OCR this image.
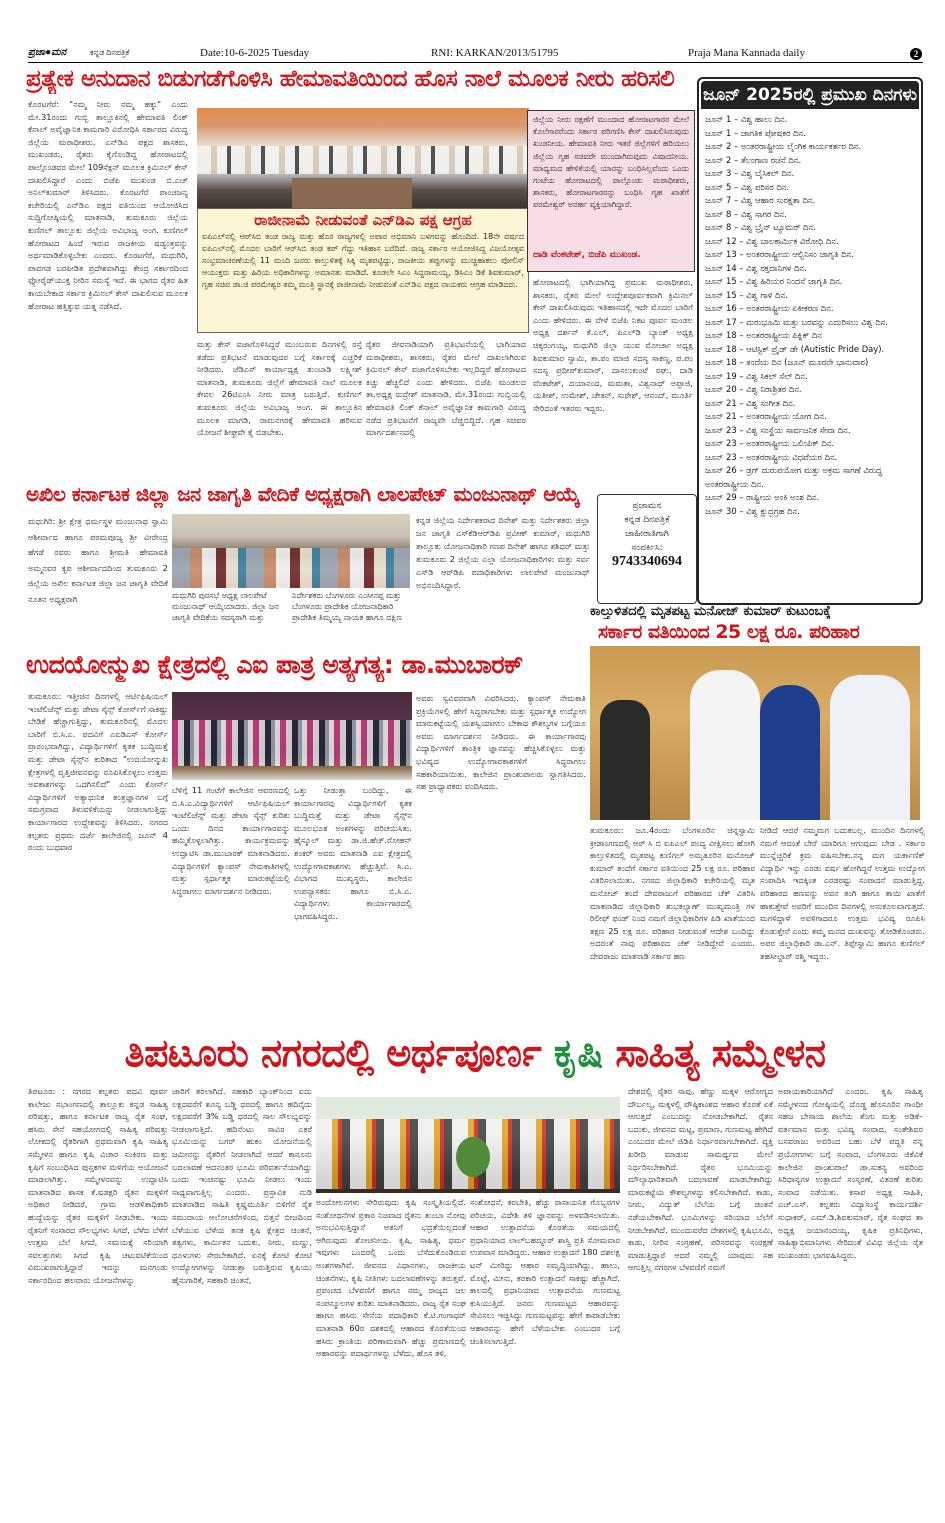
ಪ್ರಜಾ●ಮನ	ಕನ್ನಡ ದಿನಪತ್ರಿಕೆ	Date:10-6-2025 Tuesday	RNI: KARKAN/2013/51795	Praja Mana Kannada daily	2
ಪ್ರತ್ಯೇಕ ಅನುದಾನ ಬಿಡುಗಡೆಗೊಳಿಸಿ ಹೇಮಾವತಿಯಿಂದ ಹೊಸ ನಾಲೆ ಮೂಲಕ ನೀರು ಹರಿಸಲಿ
ಕೊರಟಗೆರೆ: "ನಮ್ಮ ನೀರು ನಮ್ಮ ಹಕ್ಕು" ಎಂದು ಮೇ.31ರಂದು ಗುಬ್ಬಿ ತಾಲ್ಲೂಕಿನಲ್ಲಿ ಹೇಮಾವತಿ ಲಿಂಕ್ ಕೆನಾಲ್ ಅವೈಜ್ಞಾನಿಕ ಕಾಮಗಾರಿ ವಿರೋಧಿಸಿ ಸರ್ಕಾರದ ವಿರುದ್ಧ ಜಿಲ್ಲೆಯ ಮಠಾಧೀಶರು, ಎನ್‌ಡಿಎ ಪಕ್ಷದ ಶಾಸಕರು, ಮುಖಂಡರು, ರೈತರು ಕೈಗೊಂಡಿದ್ದ ಹೋರಾಟದಲ್ಲಿ ಪಾಲ್ಗೊಂಡವರ ಮೇಲೆ 109ಸೆಕ್ಷನ್ ಮೂಲಕ ಕ್ರಿಮಿನಲ್ ಕೇಸ್ ದಾಖಲಿಸಿದ್ದಾರೆ ಎಂದು ಬಿಜೆಪಿ ಮುಖಂಡ ಬಿ.ಎಚ್ ಅನಿಲ್‌ಕುಮಾರ್ ತಿಳಿಸಿದರು. ಕೊರಟಗೆರೆ ಪಾಂಚಜನ್ಯ ಕಚೇರಿಯಲ್ಲಿ ಎನ್‌ಡಿಎ ಪಕ್ಷದ ವತಿಯಿಂದ ಆಯೋಜಿಸಿದ ಸುದ್ದಿಗೋಷ್ಠಿಯಲ್ಲಿ ಮಾತನಾಡಿ, ತುಮಕೂರು ಜಿಲ್ಲೆಯ ಕುಣಿಗಲ್ ತಾಲ್ಲೂಕು ಜಿಲ್ಲೆಯ ಅವಿಭಾಜ್ಯ ಅಂಗ. ಕುಣಿಗಲ್ ಹೋರಾಟದ ಹಿಂದೆ ಇರುವ ರಾಜಕೀಯ ಷಡ್ಯಂತ್ರವನ್ನು ಅರ್ಥಮಾಡಿಕೊಳ್ಳಬೇಕು ಎಂದರು. ಕೊರಟಗೆರೆ, ಮಧುಗಿರಿ, ಪಾವಗಡ ಬರಪೀಡಿತ ಪ್ರದೇಶವಾಗಿದ್ದು ಕೇಂದ್ರ ಸರ್ಕಾರದಿಂದ ಫ್ಲೋರೈಡ್‌ಯುಕ್ತ ನೀರಿನ ಸಮಸ್ಯೆ ಇದೆ. ಈ ಭಾಗದ ರೈತರ ಹಿತ ಕಾಯಬೇಕಾದ ಸರ್ಕಾರ ಕ್ರಿಮಿನಲ್ ಕೇಸ್ ದಾಖಲಿಸುವ ಮೂಲಕ ಹೋರಾಟ ಹತ್ತಿಕ್ಕುವ ಯತ್ನ ನಡೆಸಿದೆ.
ರಾಜೀನಾಮೆ ನೀಡುವಂತೆ ಎನ್‌ಡಿಎ ಪಕ್ಷ ಆಗ್ರಹ
ಐಪಿಎಲ್‌ನಲ್ಲಿ ಆರ್‌ಸಿಬಿ ತಂಡ ರಾಜ್ಯ ಮತ್ತು ಹೊರ ರಾಜ್ಯಗಳಲ್ಲಿ ಅಪಾರ ಅಭಿಮಾನಿ ಬಳಗವನ್ನು ಹೊಂದಿದೆ. 18ನೇ ವರ್ಷದ ಐಪಿಎಲ್‌ನಲ್ಲಿ ಮೊದಲ ಬಾರಿಗೆ ಆರ್‌ಸಿಬಿ ತಂಡ ಕಪ್ ಗೆದ್ದು ಇತಿಹಾಸ ಬರೆದಿದೆ. ರಾಜ್ಯ ಸರ್ಕಾರ ಆಯೋಜಿಸಿದ್ದ ವಿಜಯೋತ್ಸವ ಸಂಭ್ರಮಾಚರಣೆಯಲ್ಲಿ 11 ಮಂದಿ ಜನರು ಕಾಲ್ತುಳಿತಕ್ಕೆ ಸಿಕ್ಕಿ ಮೃತಪಟ್ಟಿದ್ದು, ರಾಜಕೀಯ ತಪ್ಪುಗಳನ್ನು ಮುಚ್ಚಿಹಾಕಲು ಪೋಲಿಸ್ ಆಯುಕ್ತರು ಮತ್ತು ಹಿರಿಯ ಅಧಿಕಾರಿಗಳನ್ನು ಅಮಾನತು ಮಾಡಿದೆ. ಕೂಡಲೇ ಸಿಎಂ ಸಿದ್ದರಾಮಯ್ಯ, ಡಿಸಿಎಂ ಡಿಕೆ ಶಿವಕುಮಾರ್, ಗೃಹ ಸಚಿವ ಡಾ.ಜಿ ಪರಮೇಶ್ವರ ತಮ್ಮ ಮಂತ್ರಿ ಸ್ಥಾನಕ್ಕೆ ರಾಜೀನಾಮೆ ನೀಡುವಂತೆ ಎನ್‌ಡಿಎ ಪಕ್ಷದ ನಾಯಕರು ಆಗ್ರಹ ಮಾಡಿದರು.
ಜಿಲ್ಲೆಯ ನೀರು ರಕ್ಷಣೆಗೆ ಮುಂದಾದ ಹೋರಾಟಗಾರರ ಮೇಲೆ ಕೊಲೆಗಾರರೆಂದು ಸರ್ಕಾರ ಪರಿಗಣಿಸಿ ಕೇಸ್ ದಾಖಲಿಸಿರುವುದು ಖಂಡನೀಯ. ಹೇಮಾವತಿ ನೀರು ಇತರೆ ಜಿಲ್ಲೆಗಳಿಗೆ ಹರಿಯಲು ಜಿಲ್ಲೆಯ ಗೃಹ ಸಚಿವರೇ ಮುಂದಾಗಿರುವುದು ವಿಷಾದನೀಯ. ಮಾಧ್ಯಮದ ಹೇಳಿಕೆಯಲ್ಲಿ ಯಾರನ್ನು ಬಂಧಿಸಿಲ್ಲವೆಂದು ಒಂದು ಗಂಟೆಯ ಹೋರಾಟದಲ್ಲಿ ಪಾಲ್ಗೊಂಡು ಮಠಾಧೀಶರು, ಶಾಸಕರು, ಹೋರಾಟಗಾರರನ್ನು ಬಂಧಿಸಿ ಗೃಹ ಖಾತೆಗೆ ಪರಮೇಶ್ವರ್ ಅನರ್ಹ ವ್ಯಕ್ತಿಯಾಗಿದ್ದಾರೆ.
ದಾಡಿ ವೆಂಕಟೇಶ್, ಬಿಜೆಪಿ ಮುಖಂಡ.
ಮತ್ತು ಕೇಸ್ ವಜಾಗೊಳಿಸಿದ್ದರೆ ಮುಂಬರುವ ದಿನಗಳಲ್ಲಿ ರಸ್ತೆ ತಡೆದು ಪ್ರತಿಭಟನೆ ಮಾಡುವುದರ ಬಗ್ಗೆ ಸರ್ಕಾರಕ್ಕೆ ಎಚ್ಚರಿಕೆ ನೀಡಿದರು. ಜೆಡಿಎಸ್ ಕಾರ್ಯಾಧ್ಯಕ್ಷ ತುಂಬಾಡಿ ಲಕ್ಷ್ಮೀಶ್ ಮಾತನಾಡಿ, ತುಮಕೂರು ಜಿಲ್ಲೆಗೆ ಹೇಮಾವತಿ ನಾಲೆ ಮೂಲಕ ಕೇವಲ 26ಟಿಎಂಸಿ ನೀರು ಮಾತ್ರ ಬರುತ್ತಿದೆ. ಕುಣಿಗಲ್ ತುಮಕೂರು ಜಿಲ್ಲೆಯ ಅವಿಭಾಜ್ಯ ಅಂಗ. ಈ ತಾಲ್ಲೂಕಿನ ಮೂಲಕ ಮಾಗಡಿ, ರಾಮನಗರಕ್ಕೆ ಹೇಮಾವತಿ ಹರಿಸುವ ಯೋಜನೆ ಶೀಘ್ರವೇ ಕೈ ಬಿಡಬೇಕು.
ರೈತರ ಜೀವನಾಡಿಯಾಗಿ ಪ್ರತಿಭಟನೆಯಲ್ಲಿ ಭಾಗಿಯಾದ ಮಠಾಧೀಶರು, ಶಾಸಕರು, ರೈತರ ಮೇಲೆ ದಾಖಲಾಗಿರುವ ಕ್ರಿಮಿನಲ್ ಕೇಸ್ ವಜಾಗೊಳಿಸಬೇಕು ಇಲ್ಲದಿದ್ದರೆ ಹೋರಾಟದ ಕಿಚ್ಚು ಹೆಚ್ಚಲಿದೆ ಎಂದು ಹೇಳಿದರು. ಬಿಜೆಪಿ ಮಂಡಲದ ತಾ.ಅಧ್ಯಕ್ಷ ರುದ್ರೇಶ್ ಮಾತನಾಡಿ, ಮೇ.31ರಂದು ಗುಬ್ಬಿಯಲ್ಲಿ ಹೇಮಾವತಿ ಲಿಂಕ್ ಕೆನಾಲ್ ಅವೈಜ್ಞಾನಿಕ ಕಾಮಗಾರಿ ವಿರುದ್ಧ ನಡೆದ ಪ್ರತಿಭಟನೆಗೆ ರಾಜ್ಯವೇ ಬೆಚ್ಚಿಬಿದ್ದಿದೆ. ಗೃಹ ಸಚಿವರ ಮಾರ್ಗದರ್ಶನದಲ್ಲಿ
ಹೋರಾಟದಲ್ಲಿ ಭಾಗಿಯಾಗಿದ್ದ ಪ್ರಮುಖ ಮಠಾಧೀಶರು, ಶಾಸಕರು, ರೈತರ ಮೇಲೆ ಉದ್ದೇಶಪೂರ್ವಕವಾಗಿ ಕ್ರಿಮಿನಲ್ ಕೇಸ್ ದಾಖಲಿಸಿರುವುದು ಇತಿಹಾಸದಲ್ಲಿ ಇದೇ ಮೊದಲ ಬಾರಿಗೆ ಎಂದು ಹೇಳಿದರು. ಈ ವೇಳೆ ಬಿಜೆಪಿ ನಿಕಟ ಪೂರ್ವ ಮಂಡಲ ಅಧ್ಯಕ್ಷ ದರ್ಶನ್ ಕೆ.ಎಲ್, ಪಿಎಲ್‌ಡಿ ಬ್ಯಾಂಕ್ ಅಧ್ಯಕ್ಷ ಚಿಕ್ಕರಂಗಯ್ಯ, ಮಧುಗಿರಿ ಜಿಲ್ಲಾ ಯುವ ಮೋರ್ಚಾ ಅಧ್ಯಕ್ಷ ಶಿವಕುಮಾರ ಸ್ವಾಮಿ, ತಾ.ಪಂ ಮಾಜಿ ಸದಸ್ಯ ಸಾಕಣ್ಣ, ಪ.ಪಂ ಸದಸ್ಯ ಪ್ರದೀಪ್‌ಕುಮಾರ್, ದಾಸಲುಕುಂಟೆ ರಘು, ದಾಡಿ ವೆಂಕಟೇಶ್, ದಯಾನಂದ, ಮಮತಾ, ವಿಶ್ವನಾಥ್ ಅಪ್ಪಾಜಿ, ಯತೀಶ್, ಉಮೇಶ್, ಚೇತನ್, ಸುರೇಶ್, ಆನಂದ್, ಮೂರ್ತಿ ಸೇರಿದಂತೆ ಇತರರು ಇದ್ದರು.
ಜೂನ್ 2025ರಲ್ಲಿ ಪ್ರಮುಖ ದಿನಗಳು
ಜೂನ್ 1 – ವಿಶ್ವ ಹಾಲು ದಿನ.
ಜೂನ್ 1 – ಜಾಗತಿಕ ಪೋಷಕರ ದಿನ.
ಜೂನ್ 2 – ಅಂತರರಾಷ್ಟ್ರೀಯ ಲೈಂಗಿಕ ಕಾರ್ಯಕರ್ತರ ದಿನ.
ಜೂನ್ 2 – ತೆಲಂಗಾಣ ರಚನೆ ದಿನ.
ಜೂನ್ 3 – ವಿಶ್ವ ಬೈಸಿಕಲ್ ದಿನ.
ಜೂನ್ 5 – ವಿಶ್ವ ಪರಿಸರ ದಿನ.
ಜೂನ್ 7 – ವಿಶ್ವ ಆಹಾರ ಸುರಕ್ಷತಾ ದಿನ.
ಜೂನ್ 8 – ವಿಶ್ವ ಸಾಗರ ದಿನ.
ಜೂನ್ 8 – ವಿಶ್ವ ಬ್ರೈನ್ ಟ್ಯೂಮರ್ ದಿನ.
ಜೂನ್ 12 – ವಿಶ್ವ ಬಾಲಕಾರ್ಮಿಕ ವಿರೋಧಿ ದಿನ.
ಜೂನ್ 13 – ಅಂತರರಾಷ್ಟ್ರೀಯ ಆಲ್ಬಿನಿಸಂ ಜಾಗೃತಿ ದಿನ.
ಜೂನ್ 14 – ವಿಶ್ವ ರಕ್ತದಾನಿಗಳ ದಿನ.
ಜೂನ್ 15 – ವಿಶ್ವ ಹಿರಿಯರ ನಿಂದನೆ ಜಾಗೃತಿ ದಿನ.
ಜೂನ್ 15 – ವಿಶ್ವ ಗಾಳಿ ದಿನ.
ಜೂನ್ 16 – ಅಂತರರಾಷ್ಟ್ರೀಯ ಏಕೀಕರಣ ದಿನ.
ಜೂನ್ 17 – ಮರುಭೂಮಿ ಮತ್ತು ಬರವನ್ನು ಎದುರಿಸಲು ವಿಶ್ವ ದಿನ.
ಜೂನ್ 18 – ಅಂತರರಾಷ್ಟ್ರೀಯ ಪಿಕ್ನಿಕ್ ದಿನ
ಜೂನ್ 18 – ಆಟಿಸ್ಟಿಕ್ ಪ್ರೈಡ್ ಡೇ (Autistic Pride Day).
ಜೂನ್ 18 – ತಂದೆಯ ದಿನ (ಜೂನ್ ಮೂರನೇ ಭಾನುವಾರ)
ಜೂನ್ 19 – ವಿಶ್ವ ಸಿಕಲ್ ಸೆಲ್ ದಿನ.
ಜೂನ್ 20 – ವಿಶ್ವ ನಿರಾಶ್ರಿತರ ದಿನ.
ಜೂನ್ 21 – ವಿಶ್ವ ಸಂಗೀತ ದಿನ.
ಜೂನ್ 21 – ಅಂತರರಾಷ್ಟ್ರೀಯ ಯೋಗ ದಿನ.
ಜೂನ್ 23 – ವಿಶ್ವ ಸಂಸ್ಥೆಯ ಸಾರ್ವಜನಿಕ ಸೇವಾ ದಿನ.
ಜೂನ್ 23 – ಅಂತರರಾಷ್ಟ್ರೀಯ ಒಲಿಂಪಿಕ್ ದಿನ.
ಜೂನ್ 23 – ಅಂತರರಾಷ್ಟ್ರೀಯ ವಿಧವೆಯರ ದಿನ.
ಜೂನ್ 26 – ಡ್ರಗ್ ದುರುಪಯೋಗ ಮತ್ತು ಅಕ್ರಮ ಸಾಗಣೆ ವಿರುದ್ಧ ಅಂತರರಾಷ್ಟ್ರೀಯ ದಿನ.
ಜೂನ್ 29 – ರಾಷ್ಟ್ರೀಯ ಅಂಕಿ ಅಂಶ ದಿನ.
ಜೂನ್ 30 – ವಿಶ್ವ ಕ್ಷುದ್ರಗ್ರಹ ದಿನ.
ಅಖಿಲ ಕರ್ನಾಟಕ ಜಿಲ್ಲಾ ಜನ ಜಾಗೃತಿ ವೇದಿಕೆ ಅಧ್ಯಕ್ಷರಾಗಿ ಲಾಲಪೇಟ್ ಮಂಜುನಾಥ್ ಆಯ್ಕೆ
ಮಧುಗಿರಿ: ಶ್ರೀ ಕ್ಷೇತ್ರ ಧರ್ಮಸ್ಥಳ ಮಂಜುನಾಥ ಸ್ವಾಮಿ ಆಶೀರ್ವಾದ ಹಾಗೂ ಪರಮಪೂಜ್ಯ ಶ್ರೀ ವೀರೇಂದ್ರ ಹೆಗಡೆ ರವರು ಹಾಗೂ ಶ್ರೀಮತಿ ಹೇಮಾವತಿ ಅಮ್ಮನವರ ಕೃಪ ಆಶೀರ್ವಾದದಿಂದ ತುಮಕೂರು 2 ಜಿಲ್ಲೆಯ ಅಖಿಲ ಕರ್ನಾಟಕ ಜಿಲ್ಲಾ ಜನ ಜಾಗೃತಿ ವೇದಿಕೆ ನೂತನ ಅಧ್ಯಕ್ಷರಾಗಿ	ಮಧುಗಿರಿ ಪುರಸಭೆ ಅಧ್ಯಕ್ಷ ಲಾಲಪೇಟೆ ಮಂಜುನಾಥ್ ಆಯ್ಕೆಯಾದರು. ಜಿಲ್ಲಾ ಜನ ಜಾಗೃತಿ ವೇದಿಕೆಯ ಸದಸ್ಯರಾಗಿ ಮತ್ತು
ನಿರ್ದೇಶಕರು ಬೆಂಗಳೂರು ಎಂಸೀನಪ್ಪ ಮತ್ತು ಬೆಂಗಳೂರು ಪ್ರಾದೇಶಿಕ ಯೋಜನಾಧಿಕಾರಿ ಪ್ರಾದೇಶಿಕ ತಿಮ್ಮಯ್ಯ ನಾಯಕ ಹಾಗೂ ದಕ್ಷಿಣ
ಕನ್ನಡ ಜಿಲ್ಲೆಯ ನಿರ್ದೇಶಕರಾದ ದಿನೇಶ್ ಮತ್ತು ನಿರ್ದೇಶಕರು ಜಿಲ್ಲಾ ಜನ ಜಾಗೃತಿ ಎಸ್‌ಕೆಡಿಆರ್‌ಡಿಪಿ ಪ್ರವೀಣ್ ಕುಮಾರ್, ಮಧುಗಿರಿ ತಾಲ್ಲೂಕು ಯೋಜನಾಧಿಕಾರಿ ಗಣಪ ದಿನೇಶ್ ಹಾಗೂ ಶಶಿಧರ್ ಮತ್ತು ತುಮಕೂರು 2 ಜಿಲ್ಲೆಯ ಎಲ್ಲಾ ಯೋಜನಾಧಿಕಾರಿಗಳು ಮತ್ತು ಸರ್ವ ಎಸ್‌ಡಿ ಆರ್‌ಡಿಪಿ ಪದಾಧಿಕಾರಿಗಳು ಲಾಲಪೇಟೆ ಮಂಜುನಾಥ್ ಅಭಿನಂದಿಸಿದ್ದಾರೆ.
ಪ್ರಜಾಮನ
ಕನ್ನಡ ದಿನಪತ್ರಿಕೆ
ಜಾಹೀರಾತಿಗಾಗಿ
ಸಂಪರ್ಕಿಸಿ:
9743340694
ಕಾಲ್ತುಳಿತದಲ್ಲಿ ಮೃತಪಟ್ಟ ಮನೋಜ್ ಕುಮಾರ್ ಕುಟುಂಬಕ್ಕೆ
ಸರ್ಕಾರ ವತಿಯಿಂದ 25 ಲಕ್ಷ ರೂ. ಪರಿಹಾರ
ತುಮಕೂರು: ಜೂ.4ರಂದು ಬೆಂಗಳೂರಿನ ಚಿನ್ನಸ್ವಾಮಿ ಕ್ರೀಡಾಂಗಣದಲ್ಲಿ ಆರ್ ಸಿ ಬಿ ಐಪಿಎಲ್ ಪಂದ್ಯ ವೀಕ್ಷಿಸಲು ಹೋಗಿ ಕಾಲ್ತುಳಿತದಲ್ಲಿ ಮೃತಪಟ್ಟ ಕುಣಿಗಲ್ ಅಮೃತೂರಿನ ಮನೋಜ್ ಕುಮಾರ್ ತಂದೆಗೆ ಸರ್ಕಾರ ವತಿಯಿಂದ 25 ಲಕ್ಷ ರೂ. ಪರಿಹಾರ ವಿತರಿಸಲಾಯಿತು. ನಗರದ ಜಿಲ್ಲಾಧಿಕಾರಿ ಕಚೇರಿಯಲ್ಲಿ ಮೃತ ಮನೋಜ್ ತಂದೆ ದೇವರಾಜುಗೆ ಪರಿಹಾರದ ಚೆಕ್ ವಿತರಿಸಿ ಮಾತನಾಡಿದ ಜಿಲ್ಲಾಧಿಕಾರಿ ಶುಭಕಲ್ಯಾಣ್ ಮುಖ್ಯಮಂತ್ರಿ ಗಳ ರಿಲೀಫ್ ಫಂಡ್ ನಿಂದ ನಮಗೆ ಜಿಲ್ಲಾಧಿಕಾರಿಗಳ ಪಿಡಿ ಖಾತೆಯಿಂದ ತಕ್ಷಣ 25 ಲಕ್ಷ ರೂ. ಪರಿಹಾರ ನೀಡುವಂತೆ ಆದೇಶ ಬಂದಿದ್ದು ಅದರಂತೆ ನಾವು ಪರಿಹಾರದ ಚೆಕ್ ನೀಡಿದ್ದೇವೆ ಎಂದರು. ದೇವರಾಜು ಮಾತನಾಡಿ ಸರ್ಕಾರ ಹಣ
ನೀಡಿದೆ ಆದರೆ ನಮ್ಮಮಗ ಬದುಕಬಲ್ಲ. ಮುಂದಿನ ದಿನಗಳಲ್ಲಿ ನಮಗೆ ಆದಂತೆ ಬೇರೆ ಯಾರಿಗೂ ಆಗುವುದು ಬೇಡ . ಸರ್ಕಾರ ಮುನ್ನೆಚ್ಚರಿಕೆ ಕ್ರಮ ವಹಿಸಬೇಕು.ನನ್ನ ಮಗ ಯರ್ಕಾಣಿಕ್ ವಿದ್ಯಾರ್ಥಿ ಇನ್ನು ಎರಡು ವರ್ಷ ಹೋಗಿದ್ದರೆ ಉತ್ತಮ ಉದ್ಯೋಗ ಸಂಪಾದಿಸಿ ಇದಕ್ಕಿಂತ ಎರಡರಷ್ಟು ಸಂಪಾದನೆ ಮಾಡುತ್ತಿದ್ದ. ಪರಿಹಾರದ ಹಣವನ್ನು ಅವನ ತಂಗಿ ಹಾಗೂ ತಾಯಿ ಖಾತೆಗೆ ಹಾಕುತ್ತೇವೆ ಅವರಿಗೆ ಮುಂದಿನ ದಿನಗಳಲ್ಲಿ ಅನುಕೂಲವಾಗುತ್ತದೆ. ಮಗಳಿದ್ದಾಳೆ ಅವಳಿಗಾದರೂ ಉತ್ತಮ ಭವಿಷ್ಯ ರೂಪಿಸಿ ಕೊಡುತ್ತೇನೆ ಎಂದು ತಮ್ಮ ಮನದ ದುಃಖವನ್ನು ತೋಡಿಕೊಂಡರು. ಅಪರ ಜಿಲ್ಲಾಧಿಕಾರಿ ಡಾ.ಎನ್. ತಿಪ್ಪೇಸ್ವಾಮಿ ಹಾಗೂ ಕುಣಿಗಲ್ ತಹಸೀಲ್ದಾರ್ ರಶ್ಮಿ ಇದ್ದರು.
ಉದಯೋನ್ಮುಖ ಕ್ಷೇತ್ರದಲ್ಲಿ ಎಐ ಪಾತ್ರ ಅತ್ಯಗತ್ಯ: ಡಾ.ಮುಬಾರಕ್
ತುಮಕೂರು: ಇತ್ತೀಚಿನ ದಿನಗಳಲ್ಲಿ ಆರ್ಟಿಫಿಷಿಯಲ್ ಇಂಟೆಲಿಜೆನ್ಸ್ ಮತ್ತು ಡೇಟಾ ಸೈನ್ಸ್ ಕೋರ್ಸ್‌ಗೆ ಸಾಕಷ್ಟು ಬೇಡಿಕೆ ಹೆಚ್ಚಾಗುತ್ತಿದ್ದು, ತುಮಕೂರಿನಲ್ಲಿ ಮೊದಲ ಬಾರಿಗೆ ಬಿ.ಸಿ.ಎ. ಪದವಿಗೆ ಎಐಡಿಎಸ್ ಕೋರ್ಸ್ ಪ್ರಾರಂಭವಾಗಿದ್ದು, ವಿದ್ಯಾರ್ಥಿಗಳಿಗೆ ಕೃತಕ ಬುದ್ಧಿಮತ್ತೆ ಮತ್ತು ಡೇಟಾ ಸೈನ್ಸ್‌ನ ಕುರಿತಾದ "ಉದಯೋನ್ಮುಖ ಕ್ಷೇತ್ರಗಳಲ್ಲಿ ವೃತ್ತಿಜೀವನವನ್ನು ರೂಪಿಸಿಕೊಳ್ಳಲು ಉತ್ತಮ ಅವಕಾಶಗಳನ್ನು ಒದಗಿಸಲಿದೆ" ಎಂದು ಕೋರ್ಸ್ ವಿದ್ಯಾರ್ಥಿಗಳಿಗೆ ಅತ್ಯಾಧುನಿಕ ತಂತ್ರಜ್ಞಾನಗಳ ಬಗ್ಗೆ ಸಮಗ್ರವಾದ ತಿಳುವಳಿಕೆಯನ್ನು ನೀಡಲಾಗುತ್ತಿದ್ದು ಕಾರ್ಯಾಗಾರದ ಉದ್ದೇಶವನ್ನು ತಿಳಿಸಿದರು. ನಗರದ ಕಲ್ಪತರು ಪ್ರಥಮ ದರ್ಜೆ ಕಾಲೇಜಿನಲ್ಲಿ ಜೂನ್ 4 ರಂದು ಬುಧವಾರ
ಬೆಳಿಗ್ಗೆ 11 ಗಂಟೆಗೆ ಕಾಲೇಜಿನ ಆವರಣದಲ್ಲಿ ಬಿ.ಸಿ.ಎ.ವಿದ್ಯಾರ್ಥಿಗಳಿಗೆ ಆರ್ಟಿಫಿಷಿಯಲ್ ಇಂಟೆಲಿಜೆನ್ಸ್ ಮತ್ತು ಡೇಟಾ ಸೈನ್ಸ್ ಕುರಿತು ಒಂದು ದಿನದ ಕಾರ್ಯಾಗಾರವನ್ನು ಹಮ್ಮಿಕೊಳ್ಳಲಾಗಿತ್ತು. ಕಾರ್ಯಕ್ರಮವನ್ನು ಉದ್ಘಾಟಿಸಿ ಡಾ.ಮುಬಾರಕ್ ಮಾತನಾಡಿದರು. ವಿದ್ಯಾರ್ಥಿಗಳಿಗೆ ಕ್ಯಾಂಪಸ್ ನೇಮಕಾತಿಗಳಲ್ಲಿ ಮತ್ತು ಸ್ಪರ್ಧಾತ್ಮಕ ಮಾರುಕಟ್ಟೆಯಲ್ಲಿ ಸಿದ್ಧರಾಗಲು ಮಾರ್ಗದರ್ಶನ ನೀಡಿದರು.
ಒತ್ತು ನೀಡುತ್ತಾ ಬಂದಿದ್ದು, ಈ ಕಾರ್ಯಾಗಾರವು ವಿದ್ಯಾರ್ಥಿಗಳಿಗೆ ಕೃತಕ ಬುದ್ಧಿಮತ್ತೆ ಮತ್ತು ಡೇಟಾ ಸೈನ್ಸ್‌ನ ಮೂಲಭೂತ ಅಂಶಗಳನ್ನು ಪರಿಚಯಿಸಿತು. ಹೈಸ್ಕೂಲ್ ಮತ್ತು ಡಾ.ಜಿ.ಹೆಚ್.ರೋಹನ್ ಶಂಕರ್ ಅವರು ಮಾತನಾಡಿ ಎಐ ಕ್ಷೇತ್ರದಲ್ಲಿ ಉದ್ಯೋಗಾವಕಾಶಗಳು ಹೆಚ್ಚುತ್ತಿವೆ. ಸಿ.ಎ. ವಿಭಾಗದ ಮುಖ್ಯಸ್ಥರು, ಕಾಲೇಜಿನ ಉಪನ್ಯಾಸಕರು ಹಾಗೂ ಬಿ.ಸಿ.ಎ. ವಿದ್ಯಾರ್ಥಿಗಳು ಕಾರ್ಯಾಗಾರದಲ್ಲಿ ಭಾಗವಹಿಸಿದ್ದರು.
ಅವರು ಸ್ವವಿವರವಾಗಿ ವಿವರಿಸಿದರು. ಕ್ಯಾಂಪಸ್ ನೇಮಕಾತಿ ಪ್ರಕ್ರಿಯೆಗಳಲ್ಲಿ ಹೇಗೆ ಸಿದ್ಧರಾಗಬೇಕು ಮತ್ತು ಸ್ಪರ್ಧಾತ್ಮಕ ಉದ್ಯೋಗ ಮಾರುಕಟ್ಟೆಯಲ್ಲಿ ಯಶಸ್ವಿಯಾಗಲು ಬೇಕಾದ ಕೌಶಲ್ಯಗಳ ಬಗ್ಗೆಯೂ ಅವರು ಮಾರ್ಗದರ್ಶನ ನೀಡಿದರು. ಈ ಕಾರ್ಯಾಗಾರವು ವಿದ್ಯಾರ್ಥಿಗಳಿಗೆ ತಾಂತ್ರಿಕ ಜ್ಞಾನವನ್ನು ಹೆಚ್ಚಿಸಿಕೊಳ್ಳಲು ಮತ್ತು ಭವಿಷ್ಯದ ಉದ್ಯೋಗಾವಕಾಶಗಳಿಗೆ ಸಿದ್ಧರಾಗಲು ಸಹಕಾರಿಯಾಯಿತು. ಕಾಲೇಜಿನ ಪ್ರಾಂಶುಪಾಲರು ಸ್ವಾಗತಿಸಿದರು. ಸಹ ಪ್ರಾಧ್ಯಾಪಕರು ವಂದಿಸಿದರು.
ತಿಪಟೂರು ನಗರದಲ್ಲಿ ಅರ್ಥಪೂರ್ಣ ಕೃಷಿ ಸಾಹಿತ್ಯ ಸಮ್ಮೇಳನ
ತಿಪಟೂರು : ನಗರದ ಕಲ್ಪತರು ಪದವಿ ಪೂರ್ವ ಕಾಲೇಜು ಸಭಾಂಗಣದಲ್ಲಿ ತಾಲ್ಲೂಕು ಕನ್ನಡ ಸಾಹಿತ್ಯ ಪರಿಷತ್ತು, ಹಾಗೂ ಕರ್ನಾಟಕ ರಾಜ್ಯ ರೈತ ಸಂಘ, ಹಸಿರು ಸೇನೆ ಸಹಯೋಗದಲ್ಲಿ ಸಾಹಿತ್ಯ ಪರಿಷತ್ತು ಲೋಕದಲ್ಲಿ ರೈತರಿಗಾಗಿ ಪ್ರಥಮವಾಗಿ ಕೃಷಿ ಸಾಹಿತ್ಯ ಸಮ್ಮೇಳನ ಹಾಗೂ ಕೃಷಿ ವಿಚಾರ ಸಂಕಿರಣ ಮತ್ತು ಕೃಷಿಗೆ ಸಂಬಂಧಿಸಿದ ಪುಸ್ತಕಗಳ ಮಳಿಗೆಯ ಆಯೋಜನೆ ಮಾಡಲಾಗಿತ್ತು. ಸಮ್ಮೇಳನವನ್ನು ಉದ್ಘಾಟಿಸಿ ಮಾತನಾಡಿದ ಶಾಸಕ ಕೆ.ಷಡಕ್ಷರಿ ರೈತನ ಮಕ್ಕಳಿಗೆ ಅಧಿಕಾರ ನೀಡಿದರೆ, ಗ್ರಾಮ ಆಡಳಿತಾಧಿಕಾರಿ ಹುದ್ದೆಯನ್ನು ರೈತರ ಮಕ್ಕಳಿಗೆ ನೀಡಬೇಕು. ಇಂದು ರೈತನಿಗೆ ಸಂಸಾರದ ಸೌಲಭ್ಯಗಳು ಸಿಗದೆ, ಬೆಳೆದ ಬೆಳೆಗೆ ಉತ್ತಮ ಬೆಲೆ ಸಿಗದೆ, ಸಮಯಕ್ಕೆ ಸರಿಯಾಗಿ ಸವಲತ್ತುಗಳು ಸಿಗದೆ ಕೃಷಿ ಚಟುವಟಿಕೆಯಿಂದ ವಿಮುಖರಾಗುತ್ತಿದ್ದಾರೆ ಇದನ್ನು ಮನಗಂಡು ಸರ್ಕಾರದಿಂದ ಹಲವಾರು ಯೋಜನೆಗಳನ್ನು
ಜಾರಿಗೆ ತರಲಾಗಿದೆ. ಸಹಕಾರಿ ಬ್ಯಾಂಕ್‌ನಿಂದ ಐದು ಲಕ್ಷದವರೆಗೆ ಶೂನ್ಯ ಬಡ್ಡಿ ಧರದಲ್ಲಿ ಹಾಗೂ ಹದಿನೈದು ಲಕ್ಷದವರೆಗೆ 3% ಬಡ್ಡಿ ಧರದಲ್ಲಿ ಸಾಲ ಸೌಲಭ್ಯವನ್ನು ನೀಡಲಾಗುತ್ತಿದೆ. ಹದಿನೆಂಟು ಸಾವಿರ ಎಕರೆ ಭೂಮಿಯನ್ನು ಬಗರ್ ಹುಕಂ ಯೋಜನೆಯಲ್ಲಿ ಜಮೀನನ್ನು ರೈತರಿಗೆ ನೀಡಲಾಗಿದೆ ಆದರೆ ಕಾನೂನು ಬದಲಾವಣೆ ಆದನಂತರ ಭೂಮಿ ಪರಿವರ್ತನೆಯಾಗಿದ್ದು ಒಂದು ಇಂಚಿನಷ್ಟು ಭೂಮಿ ನೀಡಲು ಇಂದು ಸಾಧ್ಯವಾಗುತ್ತಿಲ್ಲ ಎಂದರು. ಪ್ರಸ್ತಾವಿಕ ನುಡಿ ಮಾತನಾಡಿದ ಸಾಹಿತಿ ಕೃಷ್ಣಮೂರ್ತಿ ಬಿಳಿಗೆರೆ ರೈತ ಸಮುದಾಯ ಆಲೋಚನೆಗಳಿಂದ, ಬಿತ್ತನೆ ಬೀಜದಿಂದ ಬೆಳೆಯುವ ಬೆಳೆಯ ತನಕ ಕೃಷಿ ಕ್ಷೇತ್ರದ ಚಿಂತನೆ, ತತ್ವಗಳು, ಕಾರ್ಮಿಕನ ಬದುಕು, ನೀರು, ಮಣ್ಣು, ಧೂಳುಗಳು ಸೇರಬೇಕಾಗಿದೆ. ಏನಕ್ಕೆ ಕೋಟಿ ಕೋಟಿ ಉದ್ಯೋಗಗಳನ್ನು ನೀಡುತ್ತಾ ಬರುತ್ತಿರುವ ಕೃಷಿಯು ಹೈನುಗಾರಿಕೆ, ಸಹಕಾರಿ ಚಿಂತನೆ,
ಅಂದೋಲನಗಳು ಸೇರಿರುವುದು ಕೃಷಿ ಸಂಸ್ಕೃತಿಯಲ್ಲಿದೆ. ಸಂಶೋಧನೆಗಳ ಪ್ರಕಾರ ನಿಜವಾದ ರೈತನು ತುಂಬಾ ನೋವು ಅನುಭವಿಸುತ್ತಿದ್ದಾನೆ ಆತನಿಗೆ ಭದ್ರತೆಯಿಲ್ಲದಂತೆ ಆಗಿರುವುದು ಶೋಚನೀಯ. ಕೃಷಿ, ಸಾಹಿತ್ಯ, ಧರ್ಮ ಇವುಗಳು ಒಂದರಲ್ಲಿ ಒಂದು ಬೆಸೆದುಕೊಂಡಿರುವ ಅಂಶಗಳಾಗಿವೆ. ಜೀವನದ ವಿಧಾನಗಳು, ರಾಜಕೀಯ ಚಿಂತನೆಗಳು, ಕೃಷಿ ನೀತಿಗಳು ಬದಲಾವಣೆಗಳನ್ನು ತರುತ್ತವೆ. ಪ್ರಪಂಚದ ಬೆಳವಣಿಗೆ ಹಾಗೂ ನಮ್ಮ ರಾಜ್ಯದ ಜಲ ಸಂಪನ್ಮೂಲಗಳ ಕುರಿತು ಮಾತನಾಡಿದರು. ರಾಜ್ಯ ರೈತ ಸಂಘ ಹಾಗೂ ಹಸಿರು ಸೇನೆಯ ಪದಾಧಿಕಾರಿ ಕೆ.ಟಿ.ಗಂಗಾಧರ್ ಮಾತನಾಡಿ 60ರ ದಶಕದಲ್ಲಿ ಆಹಾರದ ಕೊರತೆಯಿಂದ ಹಸಿರು ಕ್ರಾಂತಿಯ ಪರಿಣಾಮವಾಗಿ ಹೆಚ್ಚು ಪ್ರಮಾಣದಲ್ಲಿ ಆಹಾರವನ್ನು ಪದಾರ್ಥಗಳನ್ನು ಬೆಳೆದು, ಹೊಸ ತಳಿ,
ಸಂಶೋಧನೆ, ತರಬೇತಿ, ಹೆಚ್ಚು ರಾಸಾಯನಿಕ ಗೊಬ್ಬರಗಳ ಪರಿಚಯ, ವಿದೇಶಿ ತಳಿ ಜ್ಞಾನವನ್ನು ಅಳವಡಿಸಲಾಯಿತು. ಆಹಾರ ಉತ್ಪಾದನೆಯ ಕೊರತೆಯ ಸಮಯದಲ್ಲಿ ಪ್ರಧಾನಿಯಾದ ಲಾಲ್‌ಬಹದ್ದೂರ್ ಶಾಸ್ತ್ರಿ ಪ್ರತಿ ಸೋಮವಾರ ಉಪವಾಸ ಮಾಡಿದ್ದರು. ಆಹಾರ ಉತ್ಪಾದನೆ 180 ದಶಲಕ್ಷ ಟನ್ ಮೀರಿದ್ದು ಆಹಾರ ಸಮೃದ್ಧಿಯಾಗಿದ್ದು, ಹಾಲು, ಮೊಟ್ಟೆ, ಮೀನು, ತರಕಾರಿ ಉತ್ಪಾದನೆ ಸಾಕಷ್ಟು ಹೆಚ್ಚಾಗಿದೆ. ಕಾಲದಲ್ಲಿ ಪ್ರಧಾನಿಯಾದ ಉತ್ಪಾದನೆಯ ಗುಣಮಟ್ಟ ಕುಸಿಯುತ್ತಿದೆ. ಜನರು ಗುಣಮಟ್ಟದ ಆಹಾರವನ್ನು ಸೇವಿಸಲು ಇಚ್ಚಿಸಿದ್ದು ಗುಣಮಟ್ಟವನ್ನು ಹೇಗೆ ಕಾಪಾಡಬೇಕು ಆಹಾರವನ್ನು ಹೇಗೆ ಬೆಳೆಯಬೇಕು ಎಂಬುದರ ಬಗ್ಗೆ ಚಿಂತಿಸಲಾಗುತ್ತಿದೆ.
ದೇಶದಲ್ಲಿ ರೈತರ ಸಾವು, ಹೆಣ್ಣು ಮಕ್ಕಳ ಆರೋಗ್ಯದ ದೌರ್ಬಲ್ಯ, ಮಕ್ಕಳಲ್ಲಿ ಪೌಷ್ಠಿಕಾಂಶದ ಆಹಾರ ಕೊರತೆ ಏಕೆ ಆಗುತ್ತದೆ ಎಂಬುದನ್ನು ನೋಡಬೇಕಾಗಿದೆ. ರೈತನ ಬದುಕು, ಜೀವನದ ಮಟ್ಟ, ಪ್ರಮಾಣ, ಗುಣಮಟ್ಟ ಹೇಗಿದೆ ಎಂಬುದರ ಮೇಲೆ ಜಿಡಿಪಿ ನಿರ್ಧಾರವಾಗಬೇಕಾಗಿದೆ. ವ್ಯಕ್ತಿ ಖರೀದಿ ಮಾಡುವ ಸಾಮರ್ಥ್ಯದ ಮೇಲೆ ನಿರ್ಧರಿಸಬೇಕಾಗಿದೆ. ರೈತರ ಭೂಮಿಯನ್ನು ಮೌಲ್ಯಾಧಾರಿತವಾಗಿ ಬದಲಾವಣೆ ಮಾಡಬೇಕಾಗಿದ್ದು ಮಾರುಕಟ್ಟೆಯ ಕೌಶಲ್ಯಗಳನ್ನು ಕಲಿಸಬೇಕಾಗಿದೆ. ಕಾಡು, ನೀರು, ವಿದ್ಯುತ್ ಬೆಲೆಯ ಬಗ್ಗೆ ಚಿಂತನೆ ನಡೆಯಬೇಕಾಗಿದೆ. ಭೂಮಿಗಳನ್ನು ಸರಿಯಾದ ಬೆಲೆಗೆ ನೀಡಬೇಕಾಗಿದೆ. ಮುಂದುವರೆದ ದೇಶಗಳಲ್ಲಿ ಕೃಷಿಭೂಮಿ, ಕಾಡು, ನೀರಿನ ಸಂಗ್ರಹಣೆ, ಪರಿಸರವನ್ನು ಸಂರಕ್ಷಣೆ ಮಾಡುತ್ತಿದ್ದಾರೆ ಆದರೆ ನಮ್ಮಲ್ಲಿ ಯಾವುದು ಸಹ ಆಗುತ್ತಿಲ್ಲ ನಗರಗಳ ಬೆಳವಣಿಗೆ ನಮಗೆ
ಅಪಾಯಕಾರಿಯಾಗಿದೆ ಎಂದರು. ಕೃಷಿ ಸಾಹಿತ್ಯ ಸಮ್ಮೇಳನದ ಗೋಷ್ಠಿಯಲ್ಲಿ ದೊಡ್ಡ ಹೊಸೂರಿನ ಗಾಂಧೀ ಸಹಜ ಬೇಸಾಯ ಶಾಲೆಯ ತೆಂಗು ಮತ್ತು ಅಡಿಕೆ–ವರ್ತಮಾನ ಮತ್ತು ಭವಿಷ್ಯ ಸಂವಾದ, ಸಂತೇಶಿವರ ಬಸವರಾಜು ಅವರಿಂದ ಬಹು ಬೆಳೆ ಪದ್ಧತಿ ನನ್ನ ಪ್ರಯೋಗಗಳು ಬಗ್ಗೆ ಸಂವಾದ, ಬೆಂಗಳೂರು ಜಿಕೆವಿಕೆ ಕಾಲೇಜಿನ ಪ್ರಾಂಶುಪಾಲೆ ಡಾ.ಸುಕನ್ಯ ಅವರಿಂದ ಸಿರಿಧಾನ್ಯಗಳ ಉತ್ಪಾದನೆ ಸಂಸ್ಕರಣೆ, ವಿತರಣೆ ಕುರಿತು ಸಂವಾದ ನಡೆಯಿತು. ಕಸಾಪ ಅಧ್ಯಕ್ಷ ಸಾಹಿತಿ, ಎಚ್.ಎಸ್. ಕಲ್ಪತರು ವಿದ್ಯಾಸಂಸ್ಥೆ ಕಾರ್ಯದರ್ಶಿ ಸುಧಾಕರ್, ಎಮ್.ಡಿ.ಶಿವಕುಮಾರ್, ರೈತ ಸಂಘದ ತಾ ಅಧ್ಯಕ್ಷ ಜಯಾನಂದಯ್ಯ, ಕೃಷಿಕ ಪ್ರತಿನಿಧಿಗಳು, ಸಾಹಿತ್ಯಾಭಿಮಾನಿಗಳು ಸೇರಿದಂತೆ ವಿವಿಧ ಜಿಲ್ಲೆಯ ರೈತ ಮುಖಂಡರು ಭಾಗವಹಿಸಿದ್ದರು.
